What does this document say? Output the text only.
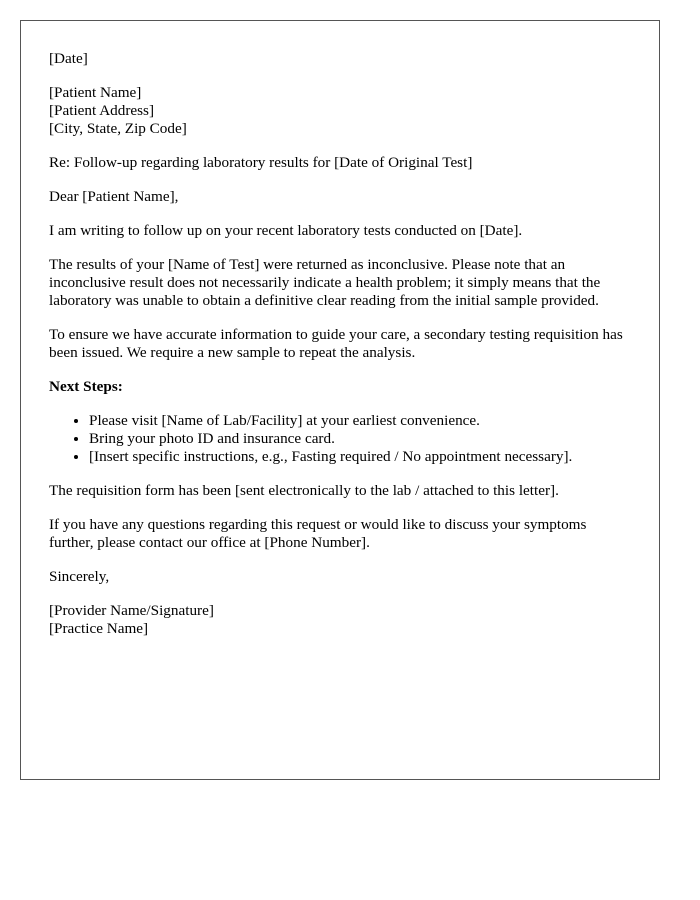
[Date]

[Patient Name]

[Patient Address]

[City, State, Zip Code]

Re: Follow-up regarding laboratory results for [Date of Original Test]

Dear [Patient Name],

I am writing to follow up on your recent laboratory tests conducted on [Date].

The results of your [Name of Test] were returned as inconclusive. Please note that an inconclusive result does not necessarily indicate a health problem; it simply means that the laboratory was unable to obtain a definitive clear reading from the initial sample provided.

To ensure we have accurate information to guide your care, a secondary testing requisition has been issued. We require a new sample to repeat the analysis.

Next Steps:

• Please visit [Name of Lab/Facility] at your earliest convenience.
• Bring your photo ID and insurance card.
• [Insert specific instructions, e.g., Fasting required / No appointment necessary].

The requisition form has been [sent electronically to the lab / attached to this letter].

If you have any questions regarding this request or would like to discuss your symptoms further, please contact our office at [Phone Number].

Sincerely,

[Provider Name/Signature]

[Practice Name]
